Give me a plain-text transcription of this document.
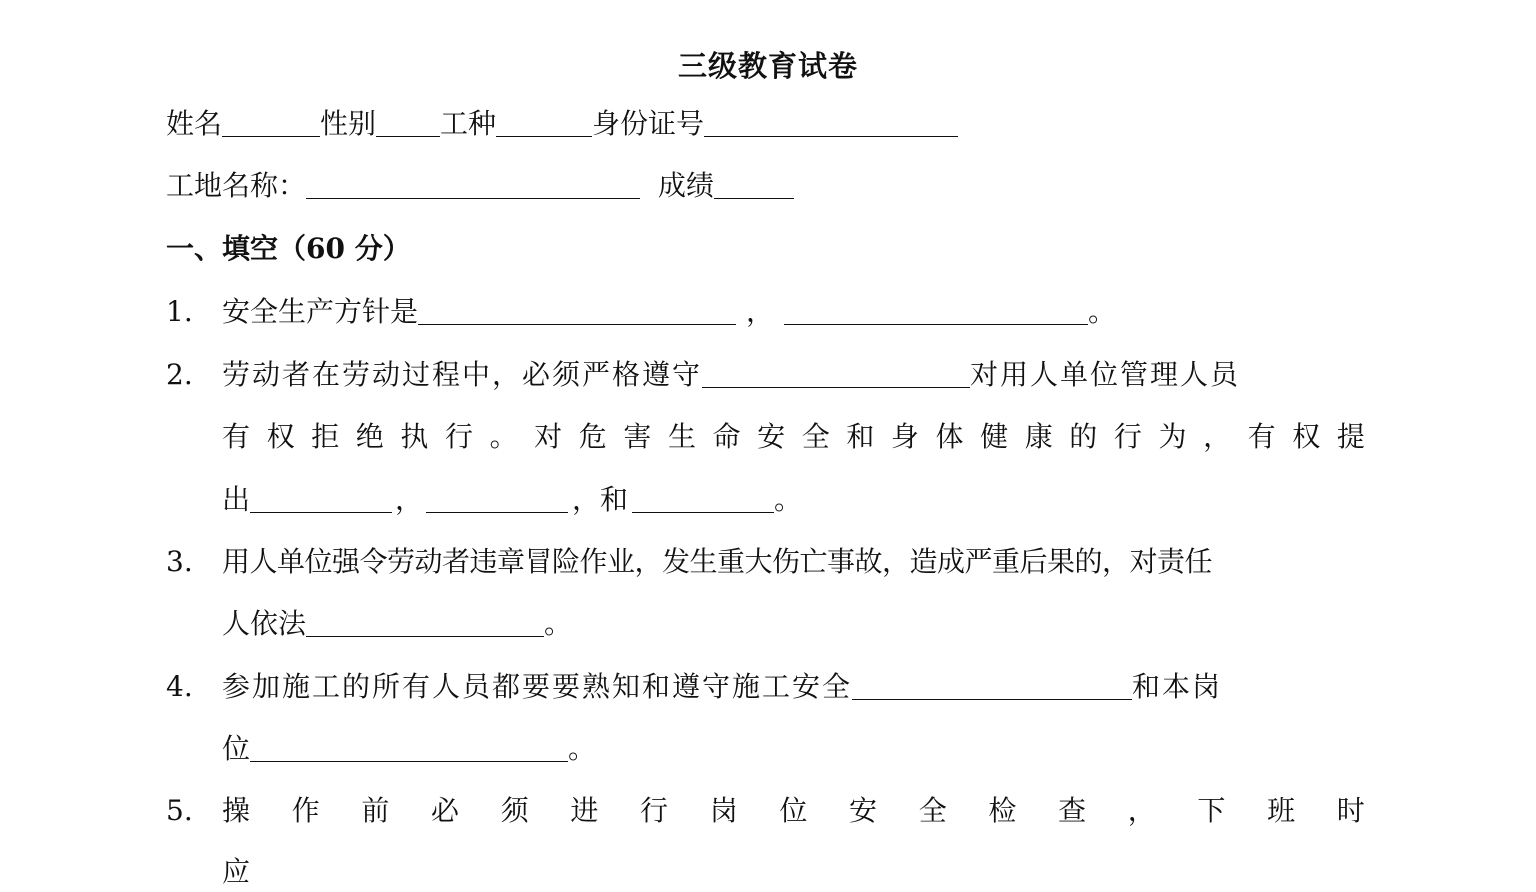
三级教育试卷
姓名	性别 工种	身份证号
工地名称：	成绩
一、填空（60 分）
1. 安全生产方针是	，	。
2. 劳动者在劳动过程中，必须严格遵守	对用人单位管理人员
有 权 拒 绝 执 行 。 对 危 害 生 命 安 全 和 身 体 健 康 的 行 为 ， 有 权 提
出	，	，和	。
3. 用人单位强令劳动者违章冒险作业，发生重大伤亡事故，造成严重后果的，对责任
人依法	。
4. 参加施工的所有人员都要要熟知和遵守施工安全	和本岗
位	。
5.	操 作 前 必 须 进 行 岗 位 安 全 检 查 ， 下 班 时
应
